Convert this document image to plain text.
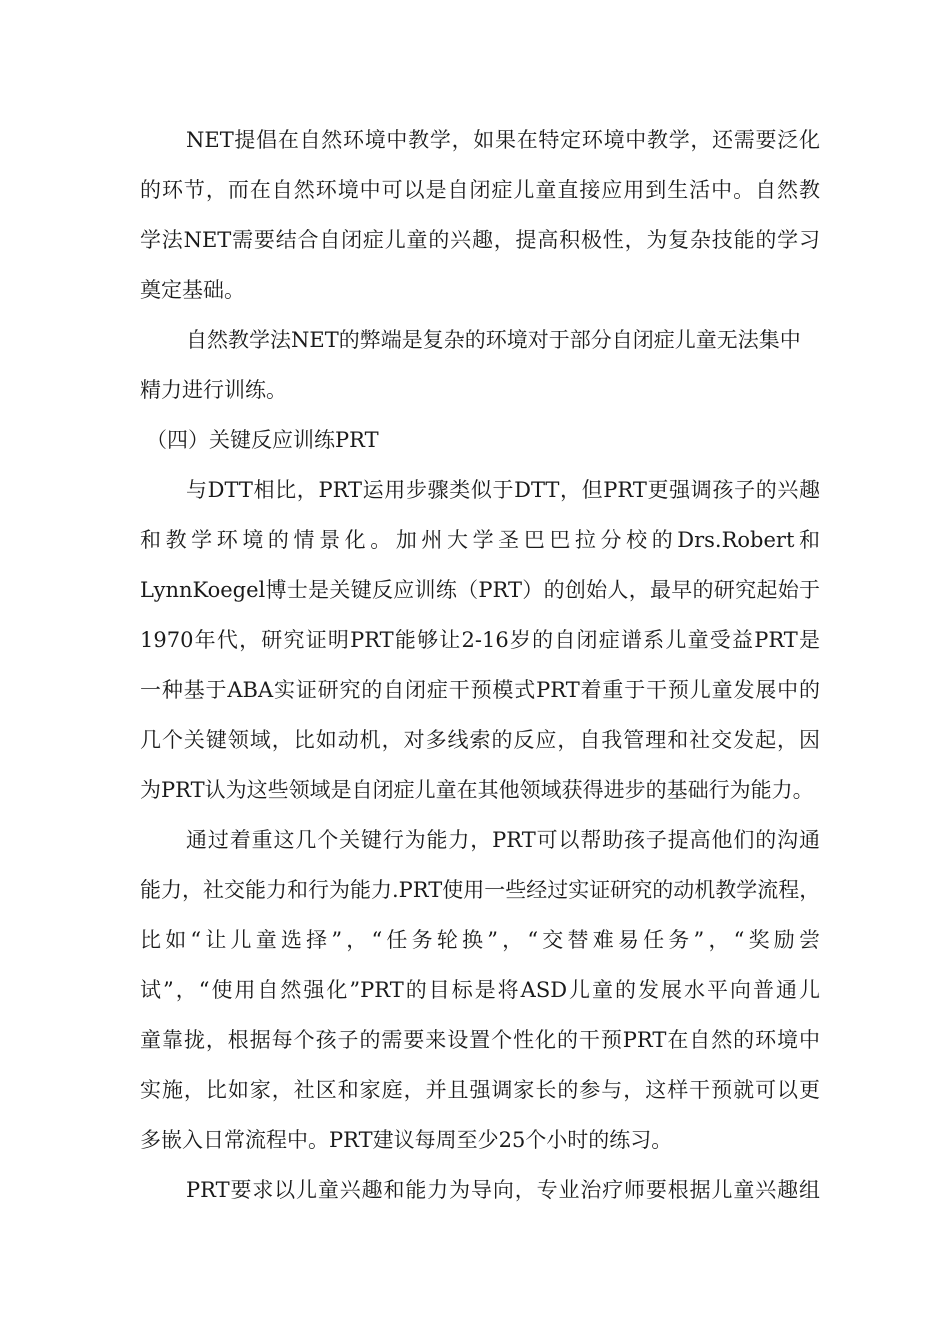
NET提倡在自然环境中教学，如果在特定环境中教学，还需要泛化
的环节，而在自然环境中可以是自闭症儿童直接应用到生活中。自然教
学法NET需要结合自闭症儿童的兴趣，提高积极性，为复杂技能的学习
奠定基础。
自然教学法NET的弊端是复杂的环境对于部分自闭症儿童无法集中
精力进行训练。
（四）关键反应训练PRT
与DTT相比，PRT运用步骤类似于DTT，但PRT更强调孩子的兴趣
和教学环境的情景化。加州大学圣巴巴拉分校的Drs.Robert和
LynnKoegel博士是关键反应训练（PRT）的创始人，最早的研究起始于
1970年代，研究证明PRT能够让2-16岁的自闭症谱系儿童受益PRT是
一种基于ABA实证研究的自闭症干预模式PRT着重于干预儿童发展中的
几个关键领域，比如动机，对多线索的反应，自我管理和社交发起，因
为PRT认为这些领域是自闭症儿童在其他领域获得进步的基础行为能力。
通过着重这几个关键行为能力，PRT可以帮助孩子提高他们的沟通
能力，社交能力和行为能力.PRT使用一些经过实证研究的动机教学流程，
比如“让儿童选择”，“任务轮换”，“交替难易任务”，“奖励尝
试”，“使用自然强化”PRT的目标是将ASD儿童的发展水平向普通儿
童靠拢，根据每个孩子的需要来设置个性化的干预PRT在自然的环境中
实施，比如家，社区和家庭，并且强调家长的参与，这样干预就可以更
多嵌入日常流程中。PRT建议每周至少25个小时的练习。
PRT要求以儿童兴趣和能力为导向，专业治疗师要根据儿童兴趣组
